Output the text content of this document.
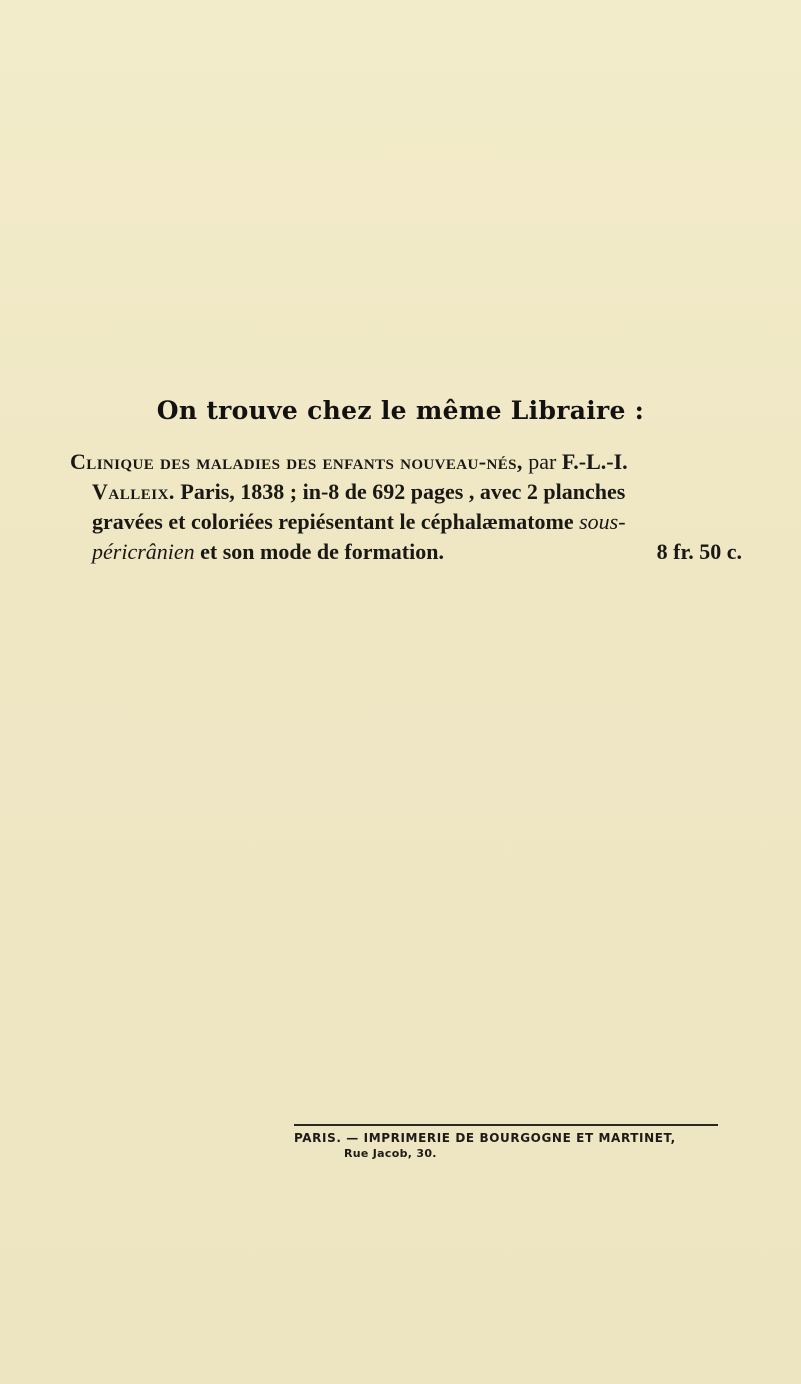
On trouve chez le même Libraire :
Clinique des maladies des enfants nouveau-nés, par F.-L.-I.
Valleix. Paris, 1838 ; in-8 de 692 pages , avec 2 planches
gravées et coloriées repiésentant le céphalæmatome sous-
péricrânien et son mode de formation.	8 fr. 50 c.
PARIS. — IMPRIMERIE DE BOURGOGNE ET MARTINET,
Rue Jacob, 30.
